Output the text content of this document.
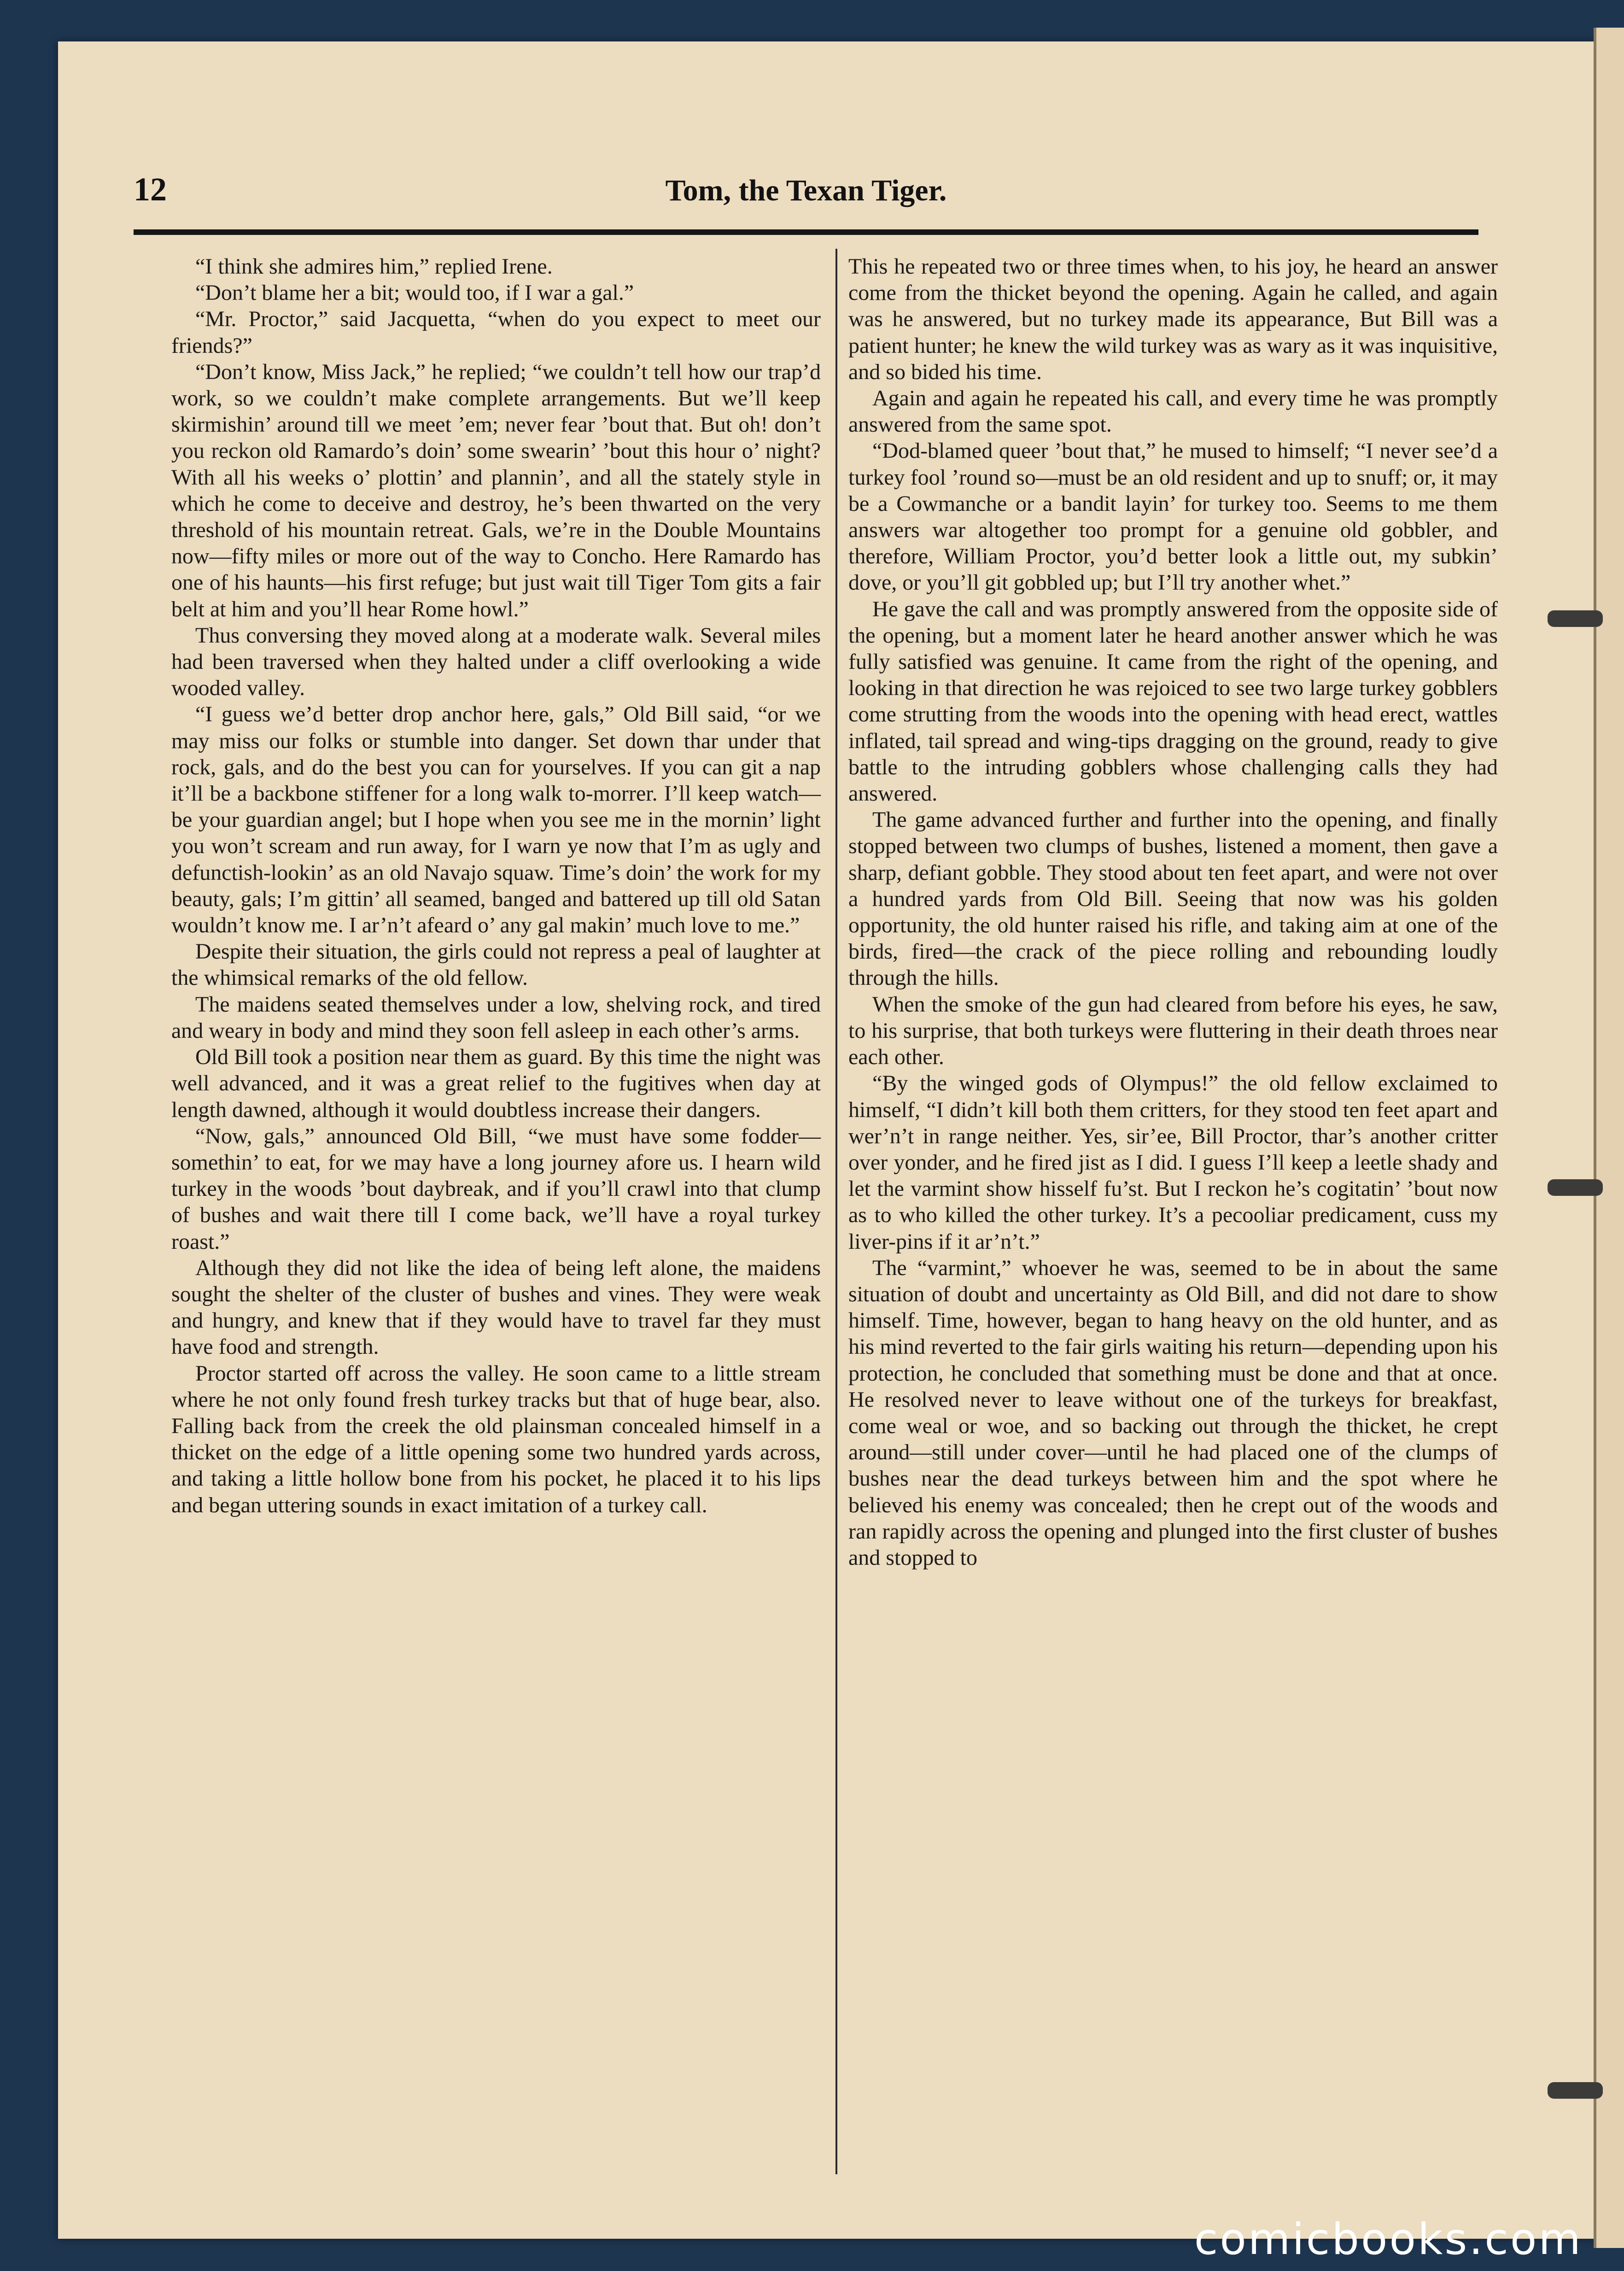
12	Tom, the Texan Tiger.

“I think she admires him,” replied Irene.

“Don’t blame her a bit; would too, if I war a gal.”

“Mr. Proctor,” said Jacquetta, “when do you expect to meet our friends?”

“Don’t know, Miss Jack,” he replied; “we couldn’t tell how our trap’d work, so we couldn’t make complete arrangements. But we’ll keep skirmishin’ around till we meet ’em; never fear ’bout that. But oh! don’t you reckon old Ramardo’s doin’ some swearin’ ’bout this hour o’ night? With all his weeks o’ plottin’ and plannin’, and all the stately style in which he come to deceive and destroy, he’s been thwarted on the very threshold of his mountain retreat. Gals, we’re in the Double Mountains now—fifty miles or more out of the way to Concho. Here Ramardo has one of his haunts—his first refuge; but just wait till Tiger Tom gits a fair belt at him and you’ll hear Rome howl.”

Thus conversing they moved along at a moderate walk. Several miles had been traversed when they halted under a cliff overlooking a wide wooded valley.

“I guess we’d better drop anchor here, gals,” Old Bill said, “or we may miss our folks or stumble into danger. Set down thar under that rock, gals, and do the best you can for yourselves. If you can git a nap it’ll be a backbone stiffener for a long walk to-morrer. I’ll keep watch—be your guardian angel; but I hope when you see me in the mornin’ light you won’t scream and run away, for I warn ye now that I’m as ugly and defunctish-lookin’ as an old Navajo squaw. Time’s doin’ the work for my beauty, gals; I’m gittin’ all seamed, banged and battered up till old Satan wouldn’t know me. I ar’n’t afeard o’ any gal makin’ much love to me.”

Despite their situation, the girls could not repress a peal of laughter at the whimsical remarks of the old fellow.

The maidens seated themselves under a low, shelving rock, and tired and weary in body and mind they soon fell asleep in each other’s arms.

Old Bill took a position near them as guard. By this time the night was well advanced, and it was a great relief to the fugitives when day at length dawned, although it would doubtless increase their dangers.

“Now, gals,” announced Old Bill, “we must have some fodder—somethin’ to eat, for we may have a long journey afore us. I hearn wild turkey in the woods ’bout daybreak, and if you’ll crawl into that clump of bushes and wait there till I come back, we’ll have a royal turkey roast.”

Although they did not like the idea of being left alone, the maidens sought the shelter of the cluster of bushes and vines. They were weak and hungry, and knew that if they would have to travel far they must have food and strength.

Proctor started off across the valley. He soon came to a little stream where he not only found fresh turkey tracks but that of huge bear, also. Falling back from the creek the old plainsman concealed himself in a thicket on the edge of a little opening some two hundred yards across, and taking a little hollow bone from his pocket, he placed it to his lips and began uttering sounds in exact imitation of a turkey call.

This he repeated two or three times when, to his joy, he heard an answer come from the thicket beyond the opening. Again he called, and again was he answered, but no turkey made its appearance, But Bill was a patient hunter; he knew the wild turkey was as wary as it was inquisitive, and so bided his time.

Again and again he repeated his call, and every time he was promptly answered from the same spot.

“Dod-blamed queer ’bout that,” he mused to himself; “I never see’d a turkey fool ’round so—must be an old resident and up to snuff; or, it may be a Cowmanche or a bandit layin’ for turkey too. Seems to me them answers war altogether too prompt for a genuine old gobbler, and therefore, William Proctor, you’d better look a little out, my subkin’ dove, or you’ll git gobbled up; but I’ll try another whet.”

He gave the call and was promptly answered from the opposite side of the opening, but a moment later he heard another answer which he was fully satisfied was genuine. It came from the right of the opening, and looking in that direction he was rejoiced to see two large turkey gobblers come strutting from the woods into the opening with head erect, wattles inflated, tail spread and wing-tips dragging on the ground, ready to give battle to the intruding gobblers whose challenging calls they had answered.

The game advanced further and further into the opening, and finally stopped between two clumps of bushes, listened a moment, then gave a sharp, defiant gobble. They stood about ten feet apart, and were not over a hundred yards from Old Bill. Seeing that now was his golden opportunity, the old hunter raised his rifle, and taking aim at one of the birds, fired—the crack of the piece rolling and rebounding loudly through the hills.

When the smoke of the gun had cleared from before his eyes, he saw, to his surprise, that both turkeys were fluttering in their death throes near each other.

“By the winged gods of Olympus!” the old fellow exclaimed to himself, “I didn’t kill both them critters, for they stood ten feet apart and wer’n’t in range neither. Yes, sir’ee, Bill Proctor, thar’s another critter over yonder, and he fired jist as I did. I guess I’ll keep a leetle shady and let the varmint show hisself fu’st. But I reckon he’s cogitatin’ ’bout now as to who killed the other turkey. It’s a pecooliar predicament, cuss my liver-pins if it ar’n’t.”

The “varmint,” whoever he was, seemed to be in about the same situation of doubt and uncertainty as Old Bill, and did not dare to show himself. Time, however, began to hang heavy on the old hunter, and as his mind reverted to the fair girls waiting his return—depending upon his protection, he concluded that something must be done and that at once. He resolved never to leave without one of the turkeys for breakfast, come weal or woe, and so backing out through the thicket, he crept around—still under cover—until he had placed one of the clumps of bushes near the dead turkeys between him and the spot where he believed his enemy was concealed; then he crept out of the woods and ran rapidly across the opening and plunged into the first cluster of bushes and stopped to

comicbooks.com
